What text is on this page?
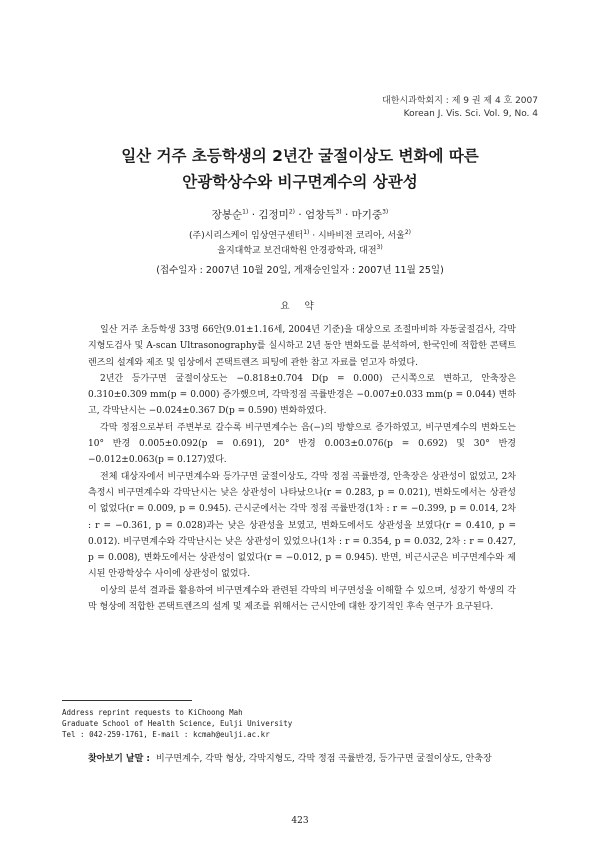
대한시과학회지 : 제 9 권 제 4 호 2007
Korean J. Vis. Sci. Vol. 9, No. 4
일산 거주 초등학생의 2년간 굴절이상도 변화에 따른
안광학상수와 비구면계수의 상관성
장봉순$^{1)}$ · 김정미$^{2)}$ · 엄창득$^{3)}$ · 마기중$^{3)}$
(주)시리스케이 임상연구센터$^{1)}$ · 시바비전 코리아, 서울$^{2)}$
을지대학교 보건대학원 안경광학과, 대전$^{3)}$
(접수일자 : 2007년 10월 20일, 게재승인일자 : 2007년 11월 25일)
요 약

일산 거주 초등학생 33명 66안(9.01±1.16세, 2004년 기준)을 대상으로 조절마비하 자동굴절검사, 각막지형도검사 및 A-scan Ultrasonography를 실시하고 2년 동안 변화도를 분석하여, 한국인에 적합한 콘택트렌즈의 설계와 제조 및 임상에서 콘택트렌즈 피팅에 관한 참고 자료를 얻고자 하였다.

2년간 등가구면 굴절이상도는 −0.818±0.704 D(p = 0.000) 근시쪽으로 변하고, 안축장은 0.310±0.309 mm(p = 0.000) 증가했으며, 각막정점 곡률반경은 −0.007±0.033 mm(p = 0.044) 변하고, 각막난시는 −0.024±0.367 D(p = 0.590) 변화하였다.

각막 정점으로부터 주변부로 갈수록 비구면계수는 음(−)의 방향으로 증가하였고, 비구면계수의 변화도는 10° 반경 0.005±0.092(p = 0.691), 20° 반경 0.003±0.076(p = 0.692) 및 30° 반경 −0.012±0.063(p = 0.127)였다.

전체 대상자에서 비구면계수와 등가구면 굴절이상도, 각막 정점 곡률반경, 안축장은 상관성이 없었고, 2차 측정시 비구면계수와 각막난시는 낮은 상관성이 나타났으나(r = 0.283, p = 0.021), 변화도에서는 상관성이 없었다(r = 0.009, p = 0.945). 근시군에서는 각막 정점 곡률반경(1차 : r = −0.399, p = 0.014, 2차 : r = −0.361, p = 0.028)과는 낮은 상관성을 보였고, 변화도에서도 상관성을 보였다(r = 0.410, p = 0.012). 비구면계수와 각막난시는 낮은 상관성이 있었으나(1차 : r = 0.354, p = 0.032, 2차 : r = 0.427, p = 0.008), 변화도에서는 상관성이 없었다(r = −0.012, p = 0.945). 반면, 비근시군은 비구면계수와 제시된 안광학상수 사이에 상관성이 없었다.

이상의 분석 결과를 활용하여 비구면계수와 관련된 각막의 비구면성을 이해할 수 있으며, 성장기 학생의 각막 형상에 적합한 콘택트렌즈의 설계 및 제조를 위해서는 근시안에 대한 장기적인 후속 연구가 요구된다.

찾아보기 낱말 : 비구면계수, 각막 형상, 각막지형도, 각막 정점 곡률반경, 등가구면 굴절이상도, 안축장
Address reprint requests to KiChoong Mah
Graduate School of Health Science, Eulji University
Tel : 042-259-1761, E-mail : kcmah@eulji.ac.kr
423
